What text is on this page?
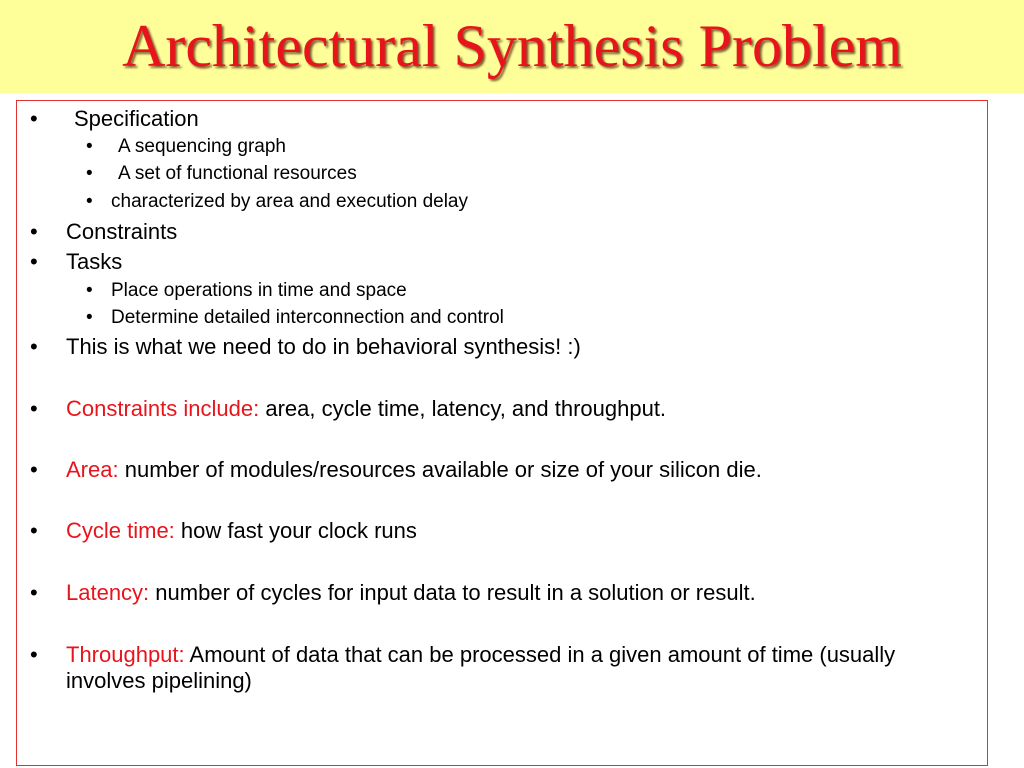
Architectural Synthesis Problem
• Specification
• A sequencing graph
• A set of functional resources
• characterized by area and execution delay
• Constraints
• Tasks
• Place operations in time and space
• Determine detailed interconnection and control
• This is what we need to do in behavioral synthesis! :)
• Constraints include: area, cycle time, latency, and throughput.
• Area: number of modules/resources available or size of your silicon die.
• Cycle time: how fast your clock runs
• Latency: number of cycles for input data to result in a solution or result.
• Throughput: Amount of data that can be processed in a given amount of time (usually involves pipelining)
